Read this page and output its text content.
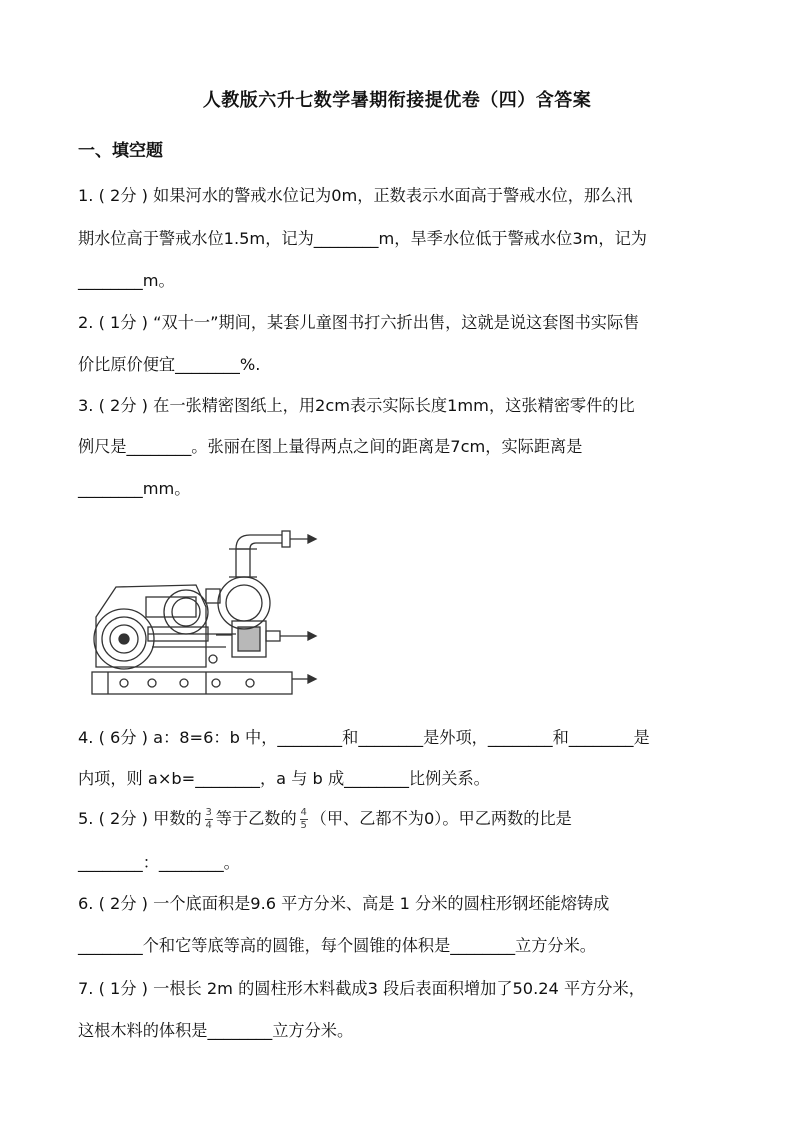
人教版六升七数学暑期衔接提优卷（四）含答案
一、填空题
1. ( 2分 ) 如果河水的警戒水位记为0m，正数表示水面高于警戒水位，那么汛
期水位高于警戒水位1.5m，记为________m，旱季水位低于警戒水位3m，记为
________m。
2. ( 1分 ) “双十一”期间，某套儿童图书打六折出售，这就是说这套图书实际售
价比原价便宜________%.
3. ( 2分 ) 在一张精密图纸上，用2cm表示实际长度1mm，这张精密零件的比
例尺是________。张丽在图上量得两点之间的距离是7cm，实际距离是
________mm。
4. ( 6分 ) a：8=6：b 中，________和________是外项，________和________是
内项，则 a×b=________，a 与 b 成________比例关系。
5. ( 2分 ) 甲数的 $\frac{3}{4}$ 等于乙数的 $\frac{4}{5}$ （甲、乙都不为0）。甲乙两数的比是
________：________。
6. ( 2分 ) 一个底面积是9.6 平方分米、高是 1 分米的圆柱形钢坯能熔铸成
________个和它等底等高的圆锥，每个圆锥的体积是________立方分米。
7. ( 1分 ) 一根长 2m 的圆柱形木料截成3 段后表面积增加了50.24 平方分米，
这根木料的体积是________立方分米。
